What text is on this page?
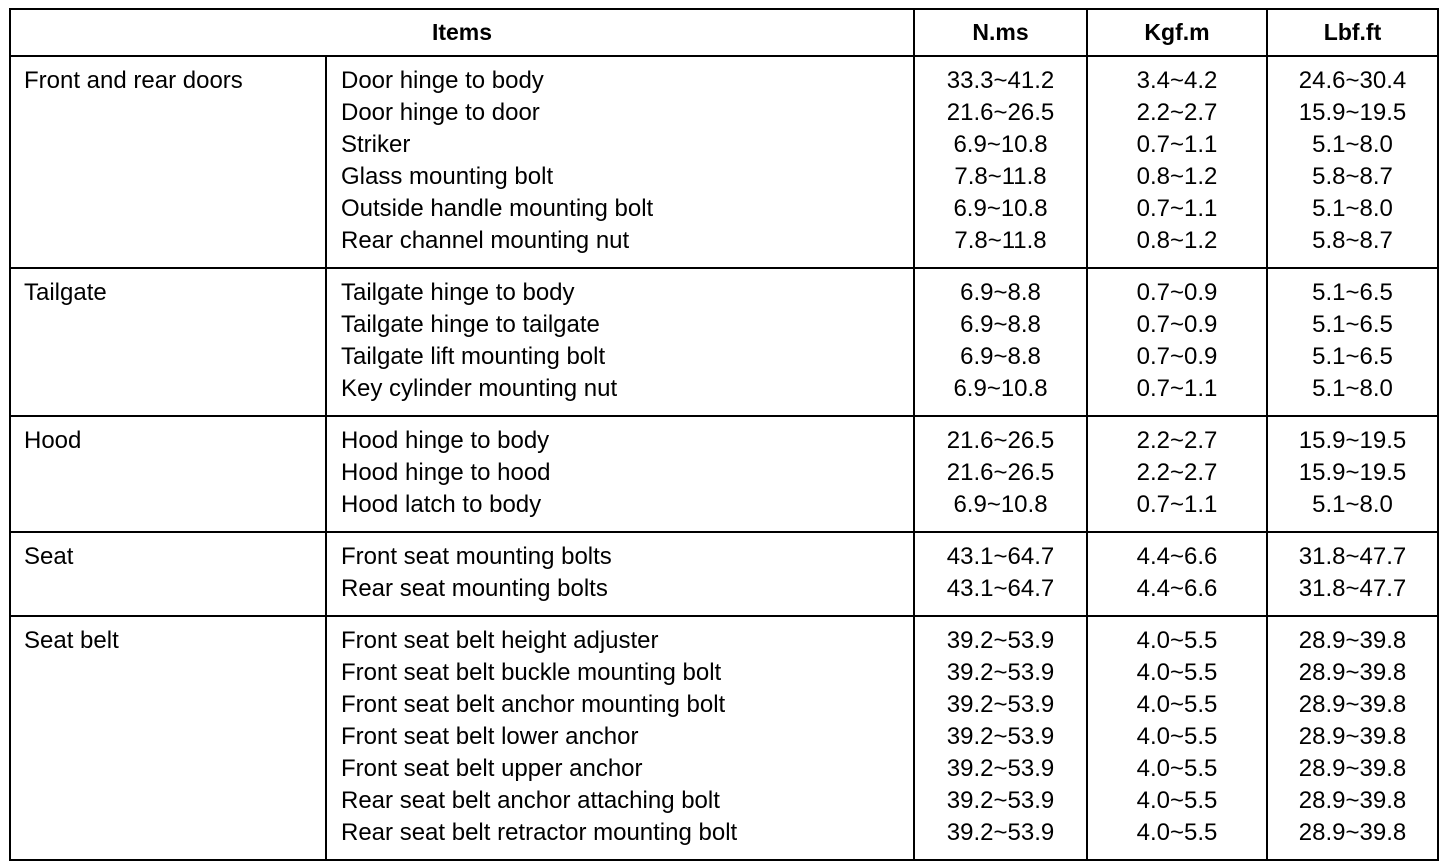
Items		N.ms	Kgf.m	Lbf.ft
Front and rear doors	Door hinge to body	33.3~41.2	3.4~4.2	24.6~30.4
	Door hinge to door	21.6~26.5	2.2~2.7	15.9~19.5
	Striker	6.9~10.8	0.7~1.1	5.1~8.0
	Glass mounting bolt	7.8~11.8	0.8~1.2	5.8~8.7
	Outside handle mounting bolt	6.9~10.8	0.7~1.1	5.1~8.0
	Rear channel mounting nut	7.8~11.8	0.8~1.2	5.8~8.7
Tailgate	Tailgate hinge to body	6.9~8.8	0.7~0.9	5.1~6.5
	Tailgate hinge to tailgate	6.9~8.8	0.7~0.9	5.1~6.5
	Tailgate lift mounting bolt	6.9~8.8	0.7~0.9	5.1~6.5
	Key cylinder mounting nut	6.9~10.8	0.7~1.1	5.1~8.0
Hood	Hood hinge to body	21.6~26.5	2.2~2.7	15.9~19.5
	Hood hinge to hood	21.6~26.5	2.2~2.7	15.9~19.5
	Hood latch to body	6.9~10.8	0.7~1.1	5.1~8.0
Seat	Front seat mounting bolts	43.1~64.7	4.4~6.6	31.8~47.7
	Rear seat mounting bolts	43.1~64.7	4.4~6.6	31.8~47.7
Seat belt	Front seat belt height adjuster	39.2~53.9	4.0~5.5	28.9~39.8
	Front seat belt buckle mounting bolt	39.2~53.9	4.0~5.5	28.9~39.8
	Front seat belt anchor mounting bolt	39.2~53.9	4.0~5.5	28.9~39.8
	Front seat belt lower anchor	39.2~53.9	4.0~5.5	28.9~39.8
	Front seat belt upper anchor	39.2~53.9	4.0~5.5	28.9~39.8
	Rear seat belt anchor attaching bolt	39.2~53.9	4.0~5.5	28.9~39.8
	Rear seat belt retractor mounting bolt	39.2~53.9	4.0~5.5	28.9~39.8
